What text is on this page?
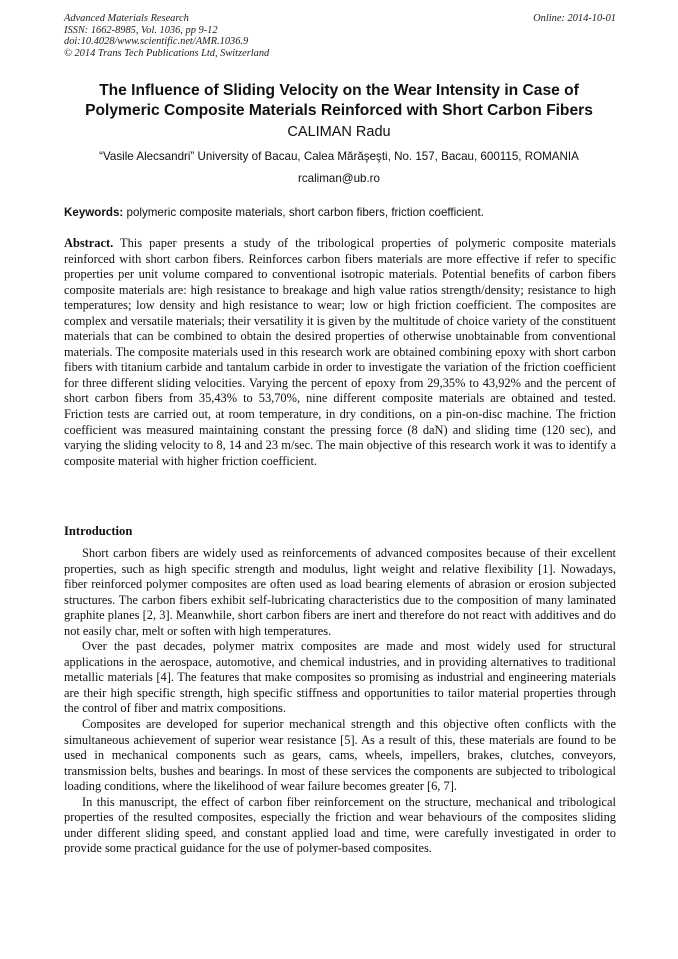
Advanced Materials Research
ISSN: 1662-8985, Vol. 1036, pp 9-12
doi:10.4028/www.scientific.net/AMR.1036.9
© 2014 Trans Tech Publications Ltd, Switzerland
Online: 2014-10-01
The Influence of Sliding Velocity on the Wear Intensity in Case of
Polymeric Composite Materials Reinforced with Short Carbon Fibers
CALIMAN Radu
“Vasile Alecsandri” University of Bacau, Calea Mărăşeşti, No. 157, Bacau, 600115, ROMANIA
rcaliman@ub.ro
Keywords: polymeric composite materials, short carbon fibers, friction coefficient.
Abstract. This paper presents a study of the tribological properties of polymeric composite materials reinforced with short carbon fibers. Reinforces carbon fibers materials are more effective if refer to specific properties per unit volume compared to conventional isotropic materials. Potential benefits of carbon fibers composite materials are: high resistance to breakage and high value ratios strength/density; resistance to high temperatures; low density and high resistance to wear; low or high friction coefficient. The composites are complex and versatile materials; their versatility it is given by the multitude of choice variety of the constituent materials that can be combined to obtain the desired properties of otherwise unobtainable from conventional materials. The composite materials used in this research work are obtained combining epoxy with short carbon fibers with titanium carbide and tantalum carbide in order to investigate the variation of the friction coefficient for three different sliding velocities. Varying the percent of epoxy from 29,35% to 43,92% and the percent of short carbon fibers from 35,43% to 53,70%, nine different composite materials are obtained and tested. Friction tests are carried out, at room temperature, in dry conditions, on a pin-on-disc machine. The friction coefficient was measured maintaining constant the pressing force (8 daN) and sliding time (120 sec), and varying the sliding velocity to 8, 14 and 23 m/sec. The main objective of this research work it was to identify a composite material with higher friction coefficient.
Introduction

Short carbon fibers are widely used as reinforcements of advanced composites because of their excellent properties, such as high specific strength and modulus, light weight and relative flexibility [1]. Nowadays, fiber reinforced polymer composites are often used as load bearing elements of abrasion or erosion subjected structures. The carbon fibers exhibit self-lubricating characteristics due to the composition of many laminated graphite planes [2, 3]. Meanwhile, short carbon fibers are inert and therefore do not react with additives and do not easily char, melt or soften with high temperatures.

Over the past decades, polymer matrix composites are made and most widely used for structural applications in the aerospace, automotive, and chemical industries, and in providing alternatives to traditional metallic materials [4]. The features that make composites so promising as industrial and engineering materials are their high specific strength, high specific stiffness and opportunities to tailor material properties through the control of fiber and matrix compositions.

Composites are developed for superior mechanical strength and this objective often conflicts with the simultaneous achievement of superior wear resistance [5]. As a result of this, these materials are found to be used in mechanical components such as gears, cams, wheels, impellers, brakes, clutches, conveyors, transmission belts, bushes and bearings. In most of these services the components are subjected to tribological loading conditions, where the likelihood of wear failure becomes greater [6, 7].

In this manuscript, the effect of carbon fiber reinforcement on the structure, mechanical and tribological properties of the resulted composites, especially the friction and wear behaviours of the composites sliding under different sliding speed, and constant applied load and time, were carefully investigated in order to provide some practical guidance for the use of polymer-based composites.
